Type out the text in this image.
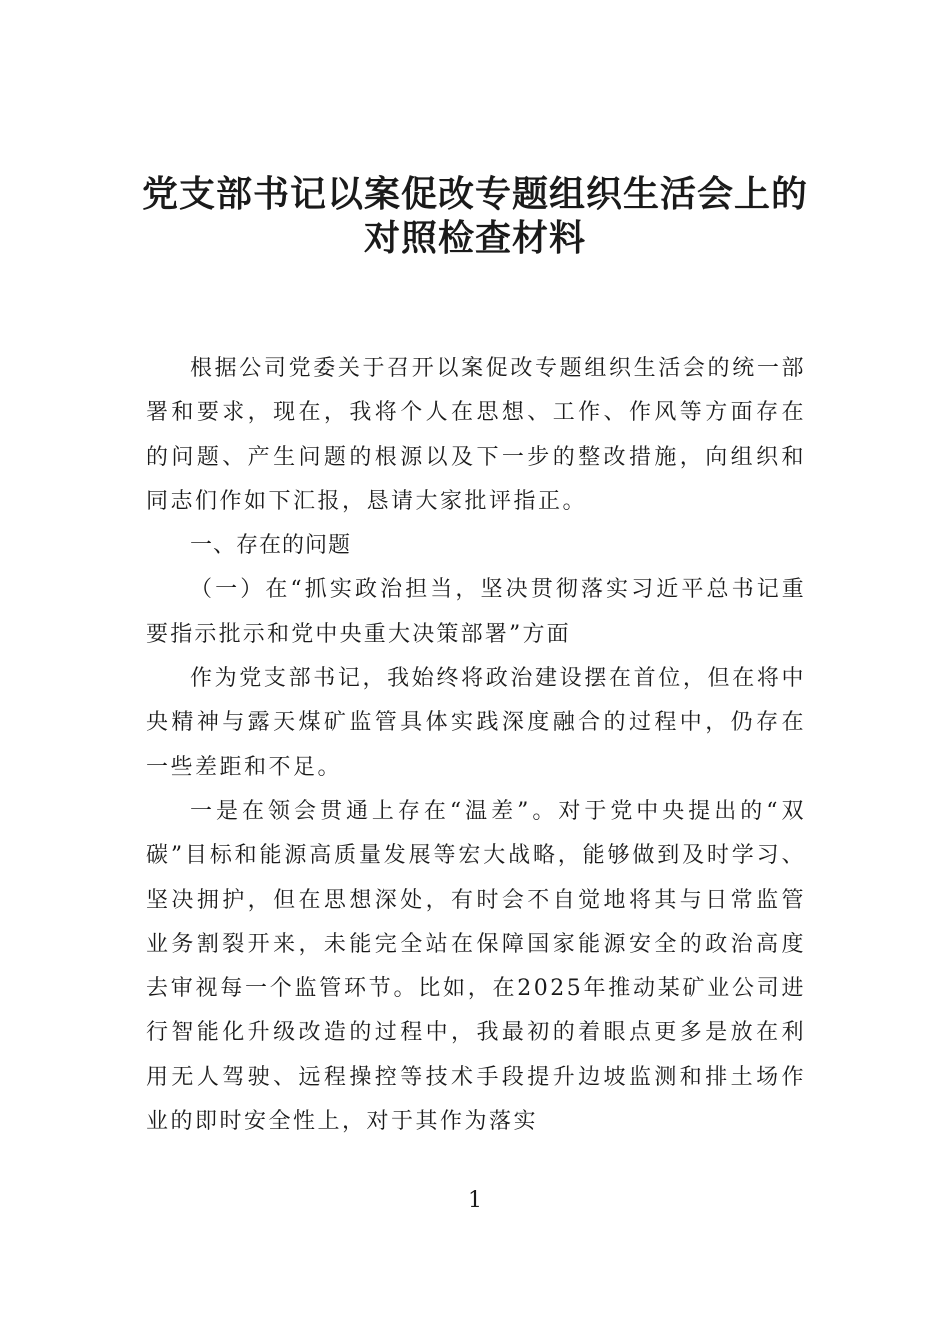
党支部书记以案促改专题组织生活会上的
对照检查材料

根据公司党委关于召开以案促改专题组织生活会的统一部署和要求，现在，我将个人在思想、工作、作风等方面存在的问题、产生问题的根源以及下一步的整改措施，向组织和同志们作如下汇报，恳请大家批评指正。

一、存在的问题

（一）在“抓实政治担当，坚决贯彻落实习近平总书记重要指示批示和党中央重大决策部署”方面

作为党支部书记，我始终将政治建设摆在首位，但在将中央精神与露天煤矿监管具体实践深度融合的过程中，仍存在一些差距和不足。

一是在领会贯通上存在“温差”。对于党中央提出的“双碳”目标和能源高质量发展等宏大战略，能够做到及时学习、坚决拥护，但在思想深处，有时会不自觉地将其与日常监管业务割裂开来，未能完全站在保障国家能源安全的政治高度去审视每一个监管环节。比如，在2025年推动某矿业公司进行智能化升级改造的过程中，我最初的着眼点更多是放在利用无人驾驶、远程操控等技术手段提升边坡监测和排土场作业的即时安全性上，对于其作为落实

1
